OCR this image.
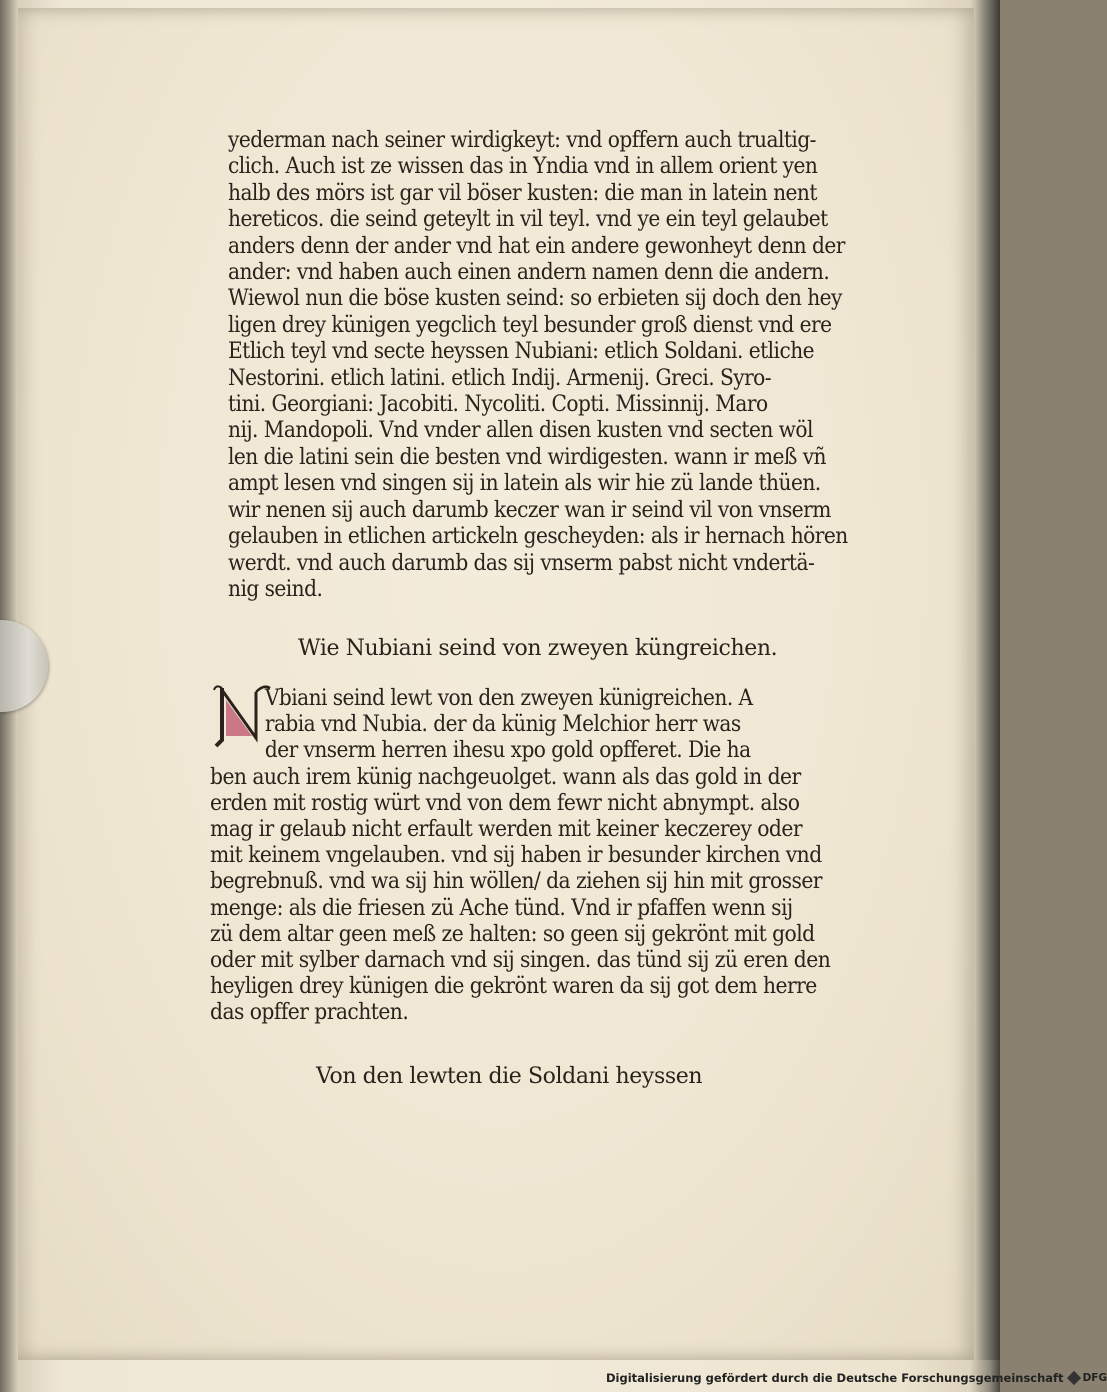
yederman nach seiner wirdigkeyt: vnd opffern auch trualtig-
clich. Auch ist ze wissen das in Yndia vnd in allem orient yen
halb des mörs ist gar vil böser kusten: die man in latein nent
hereticos. die seind geteylt in vil teyl. vnd ye ein teyl gelaubet
anders denn der ander vnd hat ein andere gewonheyt denn der
ander: vnd haben auch einen andern namen denn die andern.
Wiewol nun die böse kusten seind: so erbieten sij doch den hey
ligen drey künigen yegclich teyl besunder groß dienst vnd ere
Etlich teyl vnd secte heyssen Nubiani: etlich Soldani. etliche
Nestorini. etlich latini. etlich Indij. Armenij. Greci. Syro-
tini. Georgiani: Jacobiti. Nycoliti. Copti. Missinnij. Maro
nij. Mandopoli. Vnd vnder allen disen kusten vnd secten wöl
len die latini sein die besten vnd wirdigesten. wann ir meß vñ
ampt lesen vnd singen sij in latein als wir hie zü lande thüen.
wir nenen sij auch darumb keczer wan ir seind vil von vnserm
gelauben in etlichen artickeln gescheyden: als ir hernach hören
werdt. vnd auch darumb das sij vnserm pabst nicht vndertä-
nig seind.
Wie Nubiani seind von zweyen küngreichen.
Vbiani seind lewt von den zweyen künigreichen. A
rabia vnd Nubia. der da künig Melchior herr was
der vnserm herren ihesu xpo gold opfferet. Die ha
ben auch irem künig nachgeuolget. wann als das gold in der
erden mit rostig würt vnd von dem fewr nicht abnympt. also
mag ir gelaub nicht erfault werden mit keiner keczerey oder
mit keinem vngelauben. vnd sij haben ir besunder kirchen vnd
begrebnuß. vnd wa sij hin wöllen/ da ziehen sij hin mit grosser
menge: als die friesen zü Ache tünd. Vnd ir pfaffen wenn sij
zü dem altar geen meß ze halten: so geen sij gekrönt mit gold
oder mit sylber darnach vnd sij singen. das tünd sij zü eren den
heyligen drey künigen die gekrönt waren da sij got dem herre
das opffer prachten.
Von den lewten die Soldani heyssen
Digitalisierung gefördert durch die Deutsche Forschungsgemeinschaft DFG
